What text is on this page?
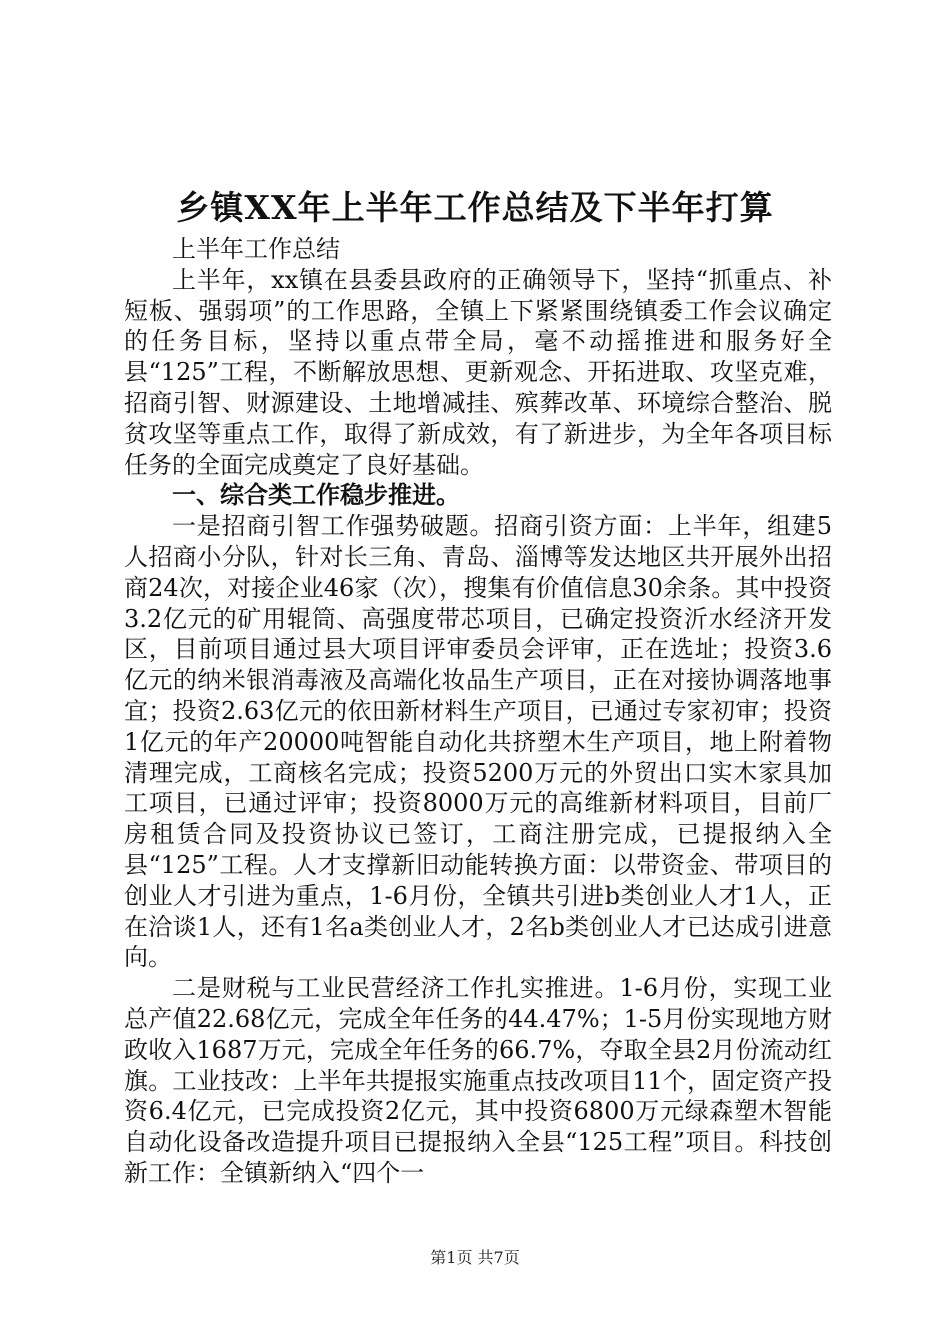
乡镇XX年上半年工作总结及下半年打算

上半年工作总结

上半年，xx镇在县委县政府的正确领导下，坚持“抓重点、补短板、强弱项”的工作思路，全镇上下紧紧围绕镇委工作会议确定的任务目标，坚持以重点带全局，毫不动摇推进和服务好全县“125”工程，不断解放思想、更新观念、开拓进取、攻坚克难，招商引智、财源建设、土地增减挂、殡葬改革、环境综合整治、脱贫攻坚等重点工作，取得了新成效，有了新进步，为全年各项目标任务的全面完成奠定了良好基础。

一、综合类工作稳步推进。

一是招商引智工作强势破题。招商引资方面：上半年，组建5人招商小分队，针对长三角、青岛、淄博等发达地区共开展外出招商24次，对接企业46家（次），搜集有价值信息30余条。其中投资3.2亿元的矿用辊筒、高强度带芯项目，已确定投资沂水经济开发区，目前项目通过县大项目评审委员会评审，正在选址；投资3.6亿元的纳米银消毒液及高端化妆品生产项目，正在对接协调落地事宜；投资2.63亿元的依田新材料生产项目，已通过专家初审；投资1亿元的年产20000吨智能自动化共挤塑木生产项目，地上附着物清理完成，工商核名完成；投资5200万元的外贸出口实木家具加工项目，已通过评审；投资8000万元的高维新材料项目，目前厂房租赁合同及投资协议已签订，工商注册完成，已提报纳入全县“125”工程。人才支撑新旧动能转换方面：以带资金、带项目的创业人才引进为重点，1-6月份，全镇共引进b类创业人才1人，正在洽谈1人，还有1名a类创业人才，2名b类创业人才已达成引进意向。

二是财税与工业民营经济工作扎实推进。1-6月份，实现工业总产值22.68亿元，完成全年任务的44.47%；1-5月份实现地方财政收入1687万元，完成全年任务的66.7%，夺取全县2月份流动红旗。工业技改：上半年共提报实施重点技改项目11个，固定资产投资6.4亿元，已完成投资2亿元，其中投资6800万元绿森塑木智能自动化设备改造提升项目已提报纳入全县“125工程”项目。科技创新工作：全镇新纳入“四个一

第1页 共7页
